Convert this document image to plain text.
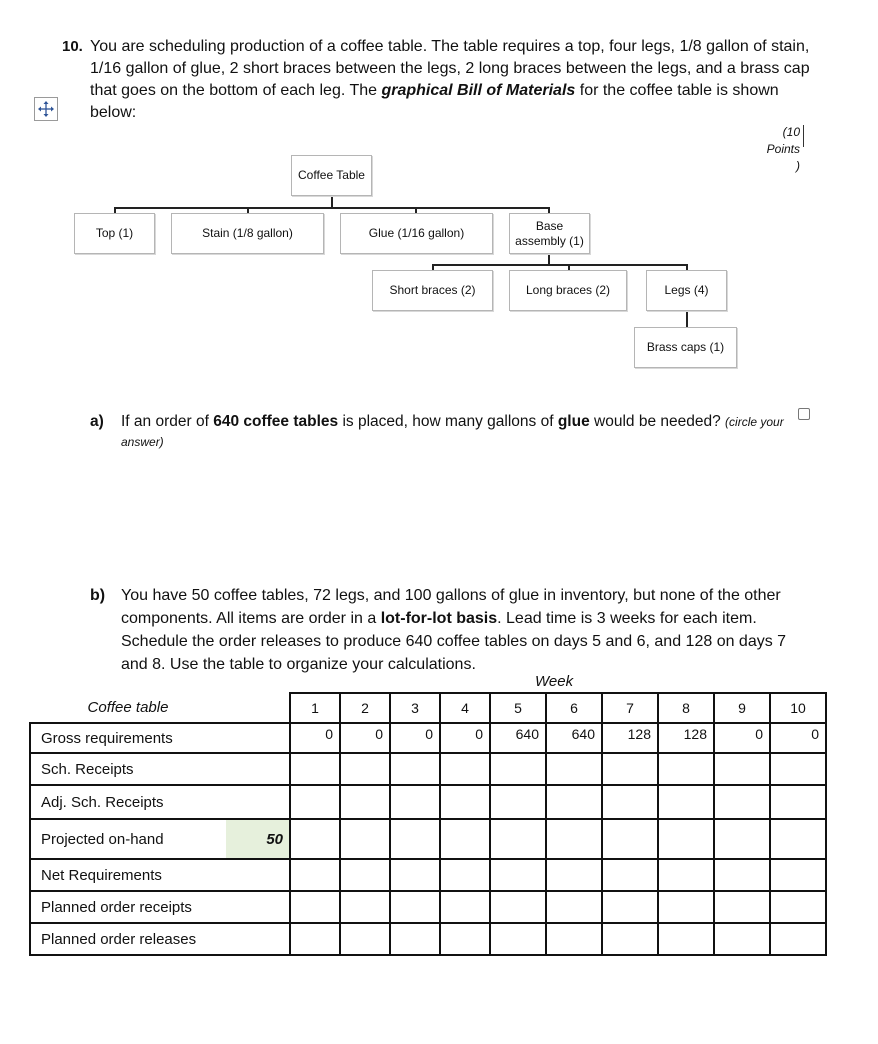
10. You are scheduling production of a coffee table. The table requires a top, four legs, 1/8 gallon of stain, 1/16 gallon of glue, 2 short braces between the legs, 2 long braces between the legs, and a brass cap that goes on the bottom of each leg. The graphical Bill of Materials for the coffee table is shown below:
(10
Points
)
Coffee Table
Top (1)	Stain (1/8 gallon)	Glue (1/16 gallon)
Base assembly (1)
Short braces (2)	Long braces (2)	Legs (4)
Brass caps (1)
a) If an order of 640 coffee tables is placed, how many gallons of glue would be needed? (circle your answer)
b) You have 50 coffee tables, 72 legs, and 100 gallons of glue in inventory, but none of the other components. All items are order in a lot-for-lot basis. Lead time is 3 weeks for each item. Schedule the order releases to produce 640 coffee tables on days 5 and 6, and 128 on days 7 and 8. Use the table to organize your calculations.
Week
Coffee table		1	2	3	4	5	6	7	8	9	10
Gross requirements		0	0	0	0	640	640	128	128	0	0
Sch. Receipts											
Adj. Sch. Receipts											
Projected on-hand	50										
Net Requirements											
Planned order receipts											
Planned order releases											
